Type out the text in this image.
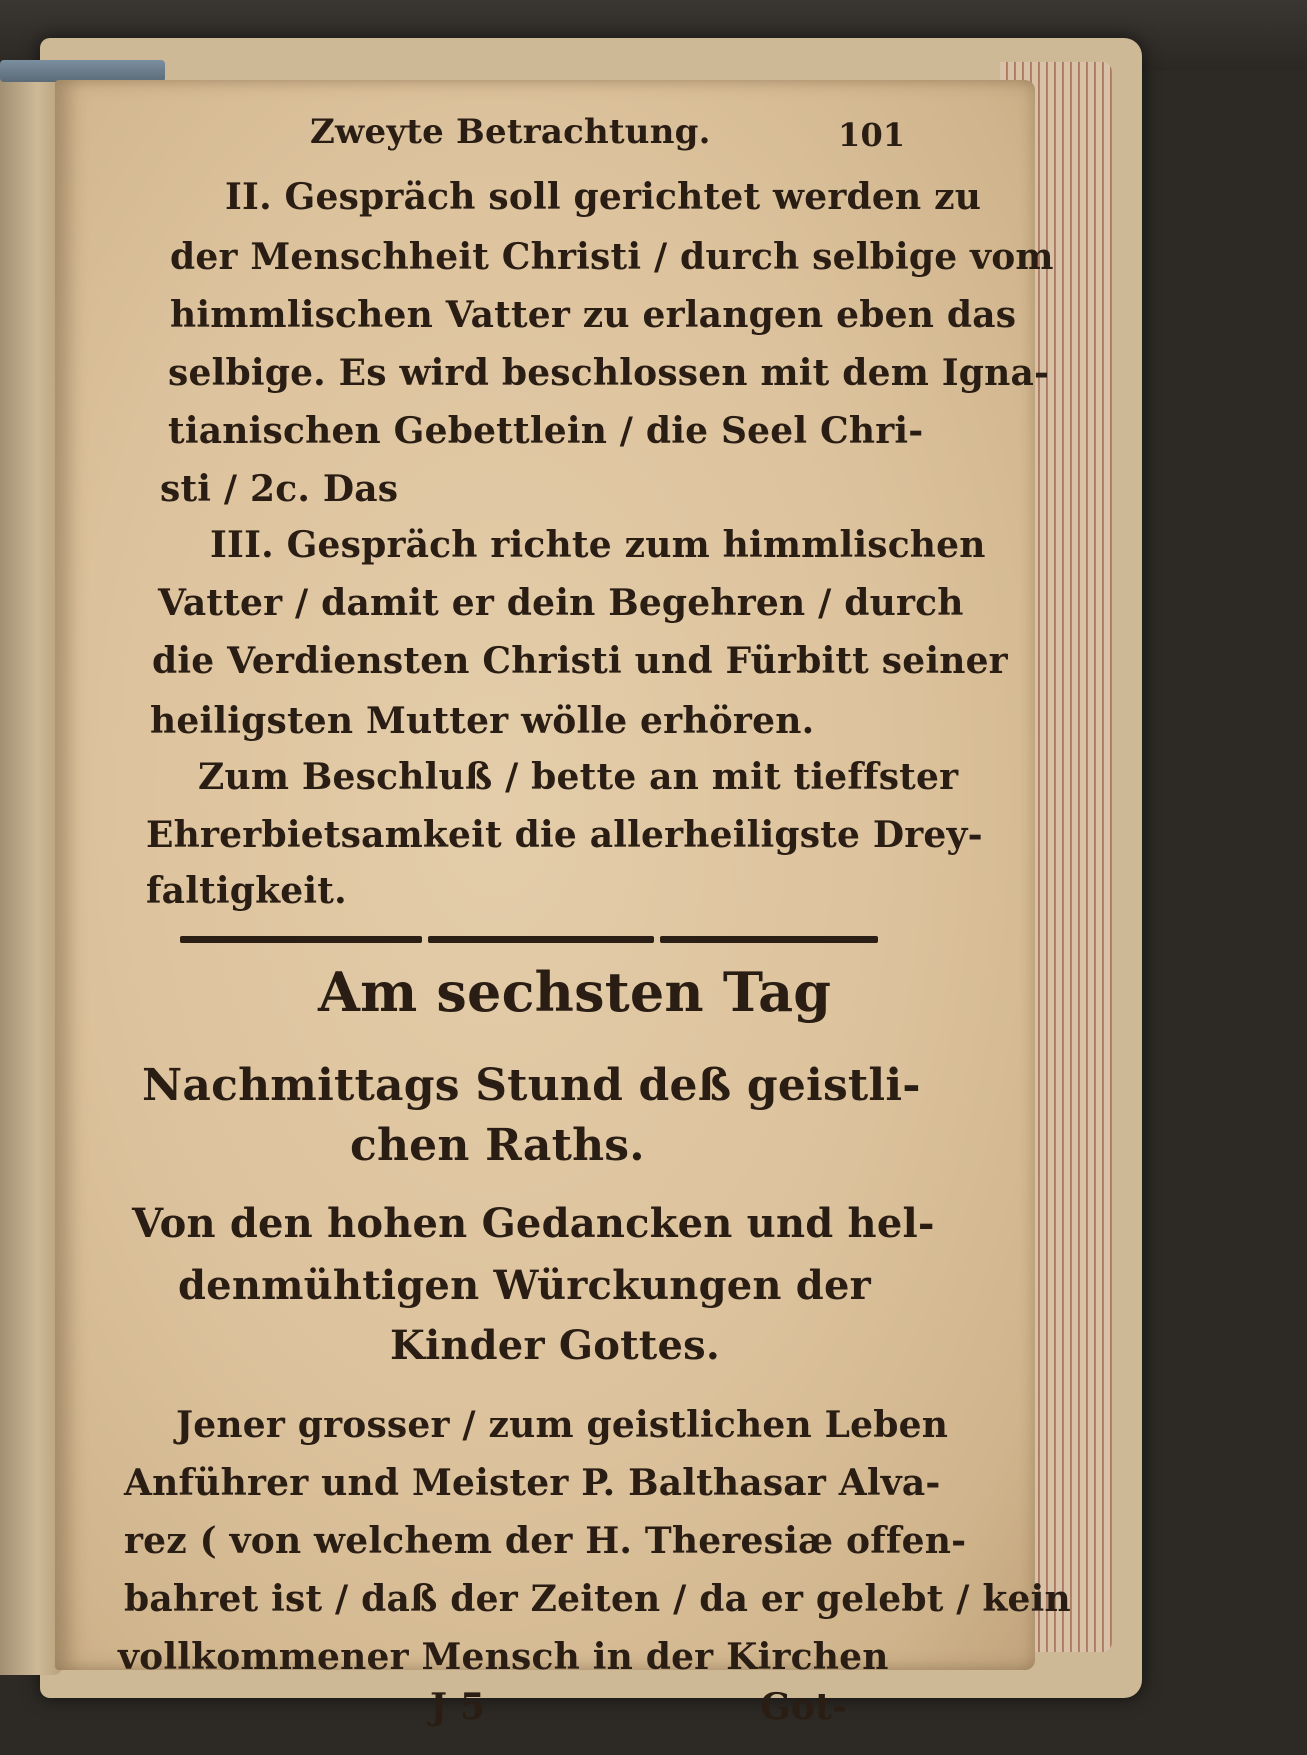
Zweyte Betrachtung.	101
II. Gespräch soll gerichtet werden zu
der Menschheit Christi / durch selbige vom
himmlischen Vatter zu erlangen eben das
selbige. Es wird beschlossen mit dem Igna-
tianischen Gebettlein / die Seel Chri-
sti / 2c. Das
III. Gespräch richte zum himmlischen
Vatter / damit er dein Begehren / durch
die Verdiensten Christi und Fürbitt seiner
heiligsten Mutter wölle erhören.
Zum Beschluß / bette an mit tieffster
Ehrerbietsamkeit die allerheiligste Drey-
faltigkeit.
Am sechsten Tag
Nachmittags Stund deß geistli-
chen Raths.
Von den hohen Gedancken und hel-
denmühtigen Würckungen der
Kinder Gottes.
Jener grosser / zum geistlichen Leben
Anführer und Meister P. Balthasar Alva-
rez ( von welchem der H. Theresiæ offen-
bahret ist / daß der Zeiten / da er gelebt / kein
vollkommener Mensch in der Kirchen
J 5	Got-
